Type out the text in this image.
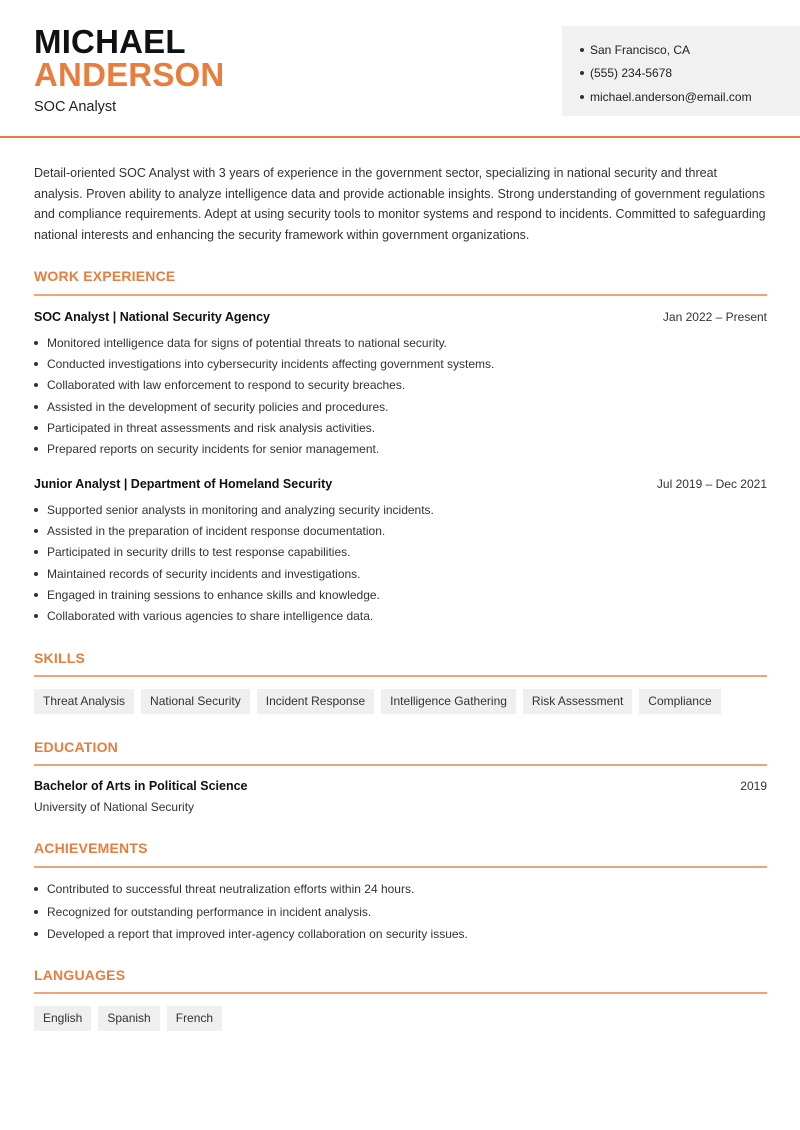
MICHAEL
ANDERSON
SOC Analyst
San Francisco, CA
(555) 234-5678
michael.anderson@email.com
Detail-oriented SOC Analyst with 3 years of experience in the government sector, specializing in national security and threat analysis. Proven ability to analyze intelligence data and provide actionable insights. Strong understanding of government regulations and compliance requirements. Adept at using security tools to monitor systems and respond to incidents. Committed to safeguarding national interests and enhancing the security framework within government organizations.
WORK EXPERIENCE
SOC Analyst | National Security Agency	Jan 2022 – Present
Monitored intelligence data for signs of potential threats to national security.
Conducted investigations into cybersecurity incidents affecting government systems.
Collaborated with law enforcement to respond to security breaches.
Assisted in the development of security policies and procedures.
Participated in threat assessments and risk analysis activities.
Prepared reports on security incidents for senior management.
Junior Analyst | Department of Homeland Security	Jul 2019 – Dec 2021
Supported senior analysts in monitoring and analyzing security incidents.
Assisted in the preparation of incident response documentation.
Participated in security drills to test response capabilities.
Maintained records of security incidents and investigations.
Engaged in training sessions to enhance skills and knowledge.
Collaborated with various agencies to share intelligence data.
SKILLS
Threat Analysis	National Security	Incident Response	Intelligence Gathering	Risk Assessment	Compliance
EDUCATION
Bachelor of Arts in Political Science	2019
University of National Security
ACHIEVEMENTS
Contributed to successful threat neutralization efforts within 24 hours.
Recognized for outstanding performance in incident analysis.
Developed a report that improved inter-agency collaboration on security issues.
LANGUAGES
English	Spanish	French
